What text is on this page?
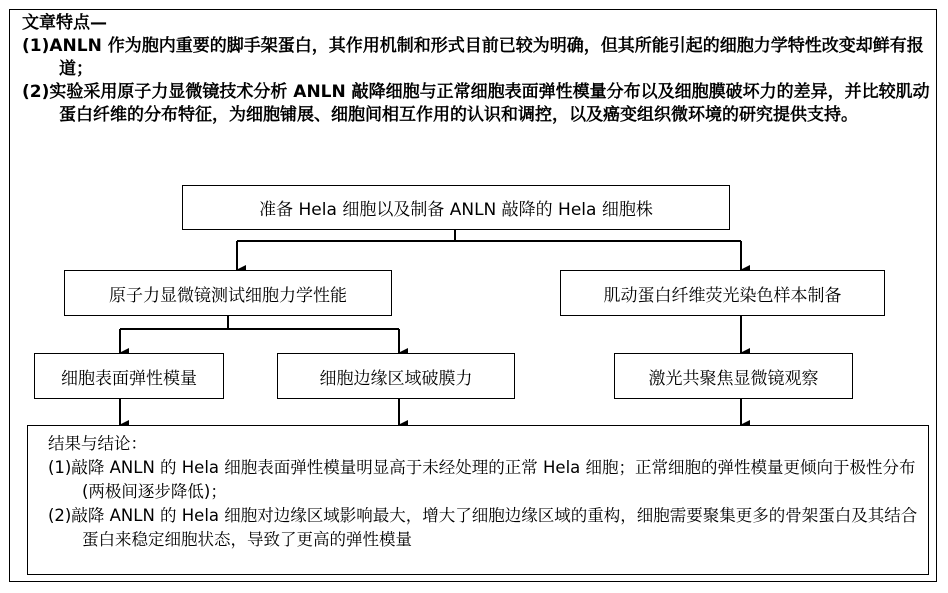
文章特点—
(1)ANLN 作为胞内重要的脚手架蛋白，其作用机制和形式目前已较为明确，但其所能引起的细胞力学特性改变却鲜有报道；
(2)实验采用原子力显微镜技术分析 ANLN 敲降细胞与正常细胞表面弹性模量分布以及细胞膜破坏力的差异，并比较肌动蛋白纤维的分布特征，为细胞铺展、细胞间相互作用的认识和调控，以及癌变组织微环境的研究提供支持。
准备 Hela 细胞以及制备 ANLN 敲降的 Hela 细胞株
原子力显微镜测试细胞力学性能	肌动蛋白纤维荧光染色样本制备
细胞表面弹性模量	细胞边缘区域破膜力	激光共聚焦显微镜观察
结果与结论：
(1)敲降 ANLN 的 Hela 细胞表面弹性模量明显高于未经处理的正常 Hela 细胞；正常细胞的弹性模量更倾向于极性分布(两极间逐步降低)；
(2)敲降 ANLN 的 Hela 细胞对边缘区域影响最大，增大了细胞边缘区域的重构，细胞需要聚集更多的骨架蛋白及其结合蛋白来稳定细胞状态，导致了更高的弹性模量
